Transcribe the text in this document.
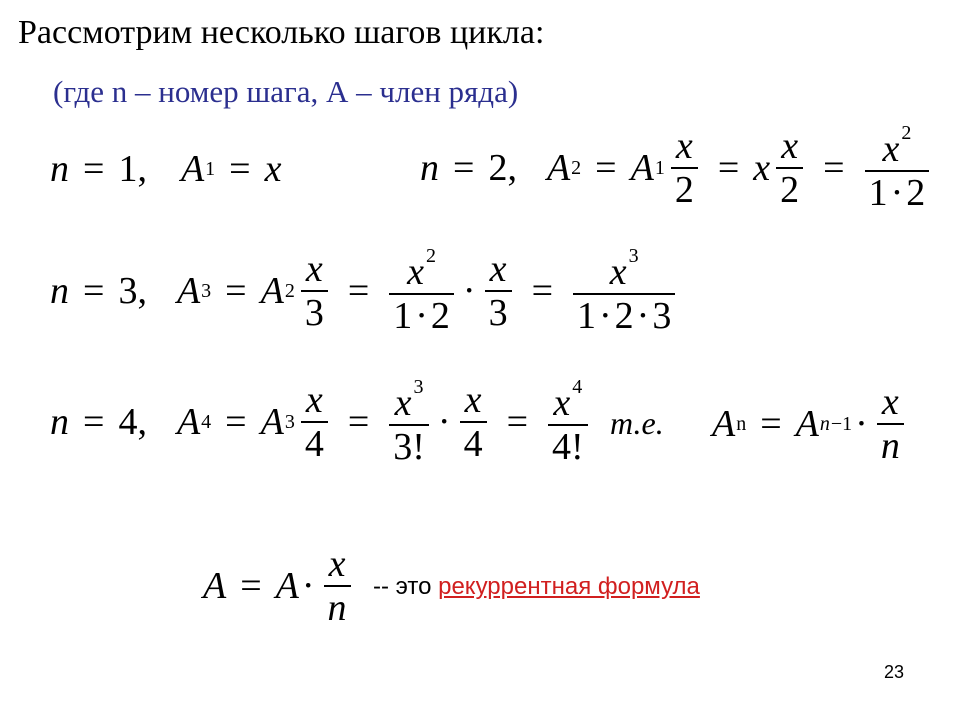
Рассмотрим несколько шагов цикла:
(где n – номер шага, А – член ряда)
n = 1, A 1 = x	n = 2, A 2 = A $1 \frac{x}{2} = x \frac{x}{2} = \frac{x ^2}{1\cdot 2}$
n = 3, A 3 = A $2 \frac{x}{3} = \frac{x ^2}{1\cdot 2} \cdot \frac{x}{3} = \frac{x ^3}{1\cdot 2\cdot 3}$
n = 4, A 4 = A $3 \frac{x}{4} = \frac{x ^3}{3!} \cdot \frac{x}{4} = \frac{x ^4}{4!} т.е$. A n = A $n -1 \cdot \frac{x}{n}$
$A = A \cdot \frac{x}{n}$ -- это рекуррентная формула
23
